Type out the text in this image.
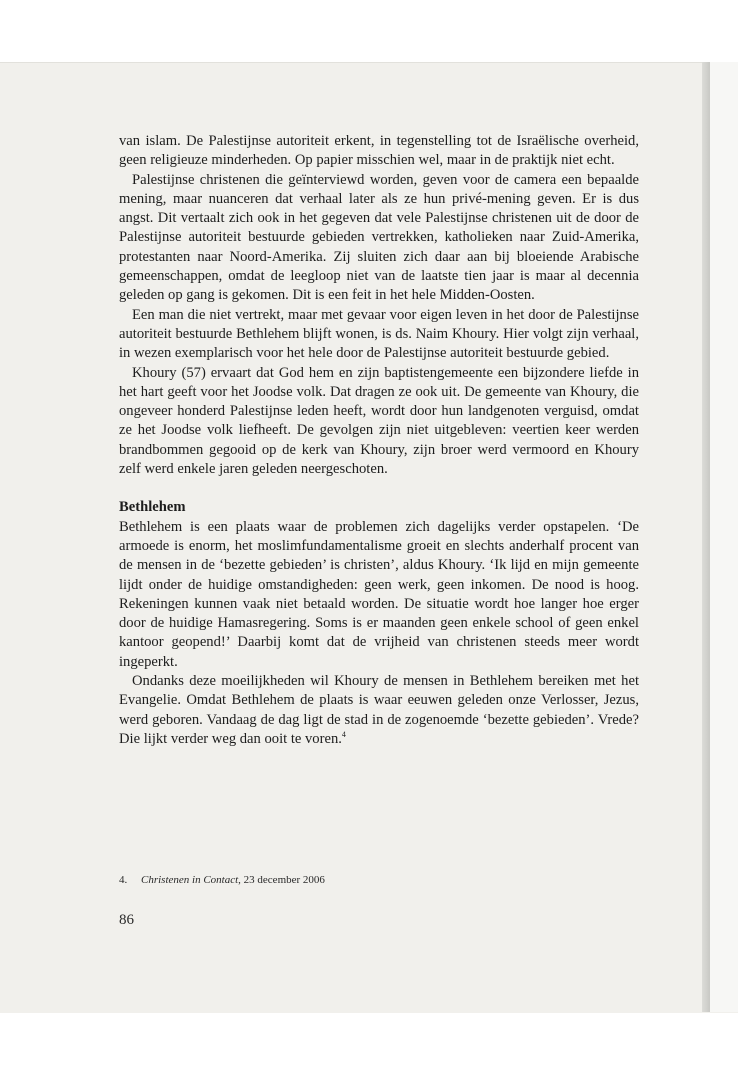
van islam. De Palestijnse autoriteit erkent, in tegenstelling tot de Israëlische overheid, geen religieuze minderheden. Op papier misschien wel, maar in de praktijk niet echt.

Palestijnse christenen die geïnterviewd worden, geven voor de camera een bepaalde mening, maar nuanceren dat verhaal later als ze hun privé-mening geven. Er is dus angst. Dit vertaalt zich ook in het gegeven dat vele Palestijnse christenen uit de door de Palestijnse autoriteit bestuurde gebieden vertrekken, katholieken naar Zuid-Amerika, protestanten naar Noord-Amerika. Zij sluiten zich daar aan bij bloeiende Arabische gemeenschappen, omdat de leegloop niet van de laatste tien jaar is maar al decennia geleden op gang is gekomen. Dit is een feit in het hele Midden-Oosten.

Een man die niet vertrekt, maar met gevaar voor eigen leven in het door de Palestijnse autoriteit bestuurde Bethlehem blijft wonen, is ds. Naim Khoury. Hier volgt zijn verhaal, in wezen exemplarisch voor het hele door de Palestijnse autoriteit bestuurde gebied.

Khoury (57) ervaart dat God hem en zijn baptistengemeente een bijzondere liefde in het hart geeft voor het Joodse volk. Dat dragen ze ook uit. De gemeente van Khoury, die ongeveer honderd Palestijnse leden heeft, wordt door hun landgenoten verguisd, omdat ze het Joodse volk liefheeft. De gevolgen zijn niet uitgebleven: veertien keer werden brandbommen gegooid op de kerk van Khoury, zijn broer werd vermoord en Khoury zelf werd enkele jaren geleden neergeschoten.

Bethlehem

Bethlehem is een plaats waar de problemen zich dagelijks verder opstapelen. ‘De armoede is enorm, het moslimfundamentalisme groeit en slechts anderhalf procent van de mensen in de ‘bezette gebieden’ is christen’, aldus Khoury. ‘Ik lijd en mijn gemeente lijdt onder de huidige omstandigheden: geen werk, geen inkomen. De nood is hoog. Rekeningen kunnen vaak niet betaald worden. De situatie wordt hoe langer hoe erger door de huidige Hamasregering. Soms is er maanden geen enkele school of geen enkel kantoor geopend!’ Daarbij komt dat de vrijheid van christenen steeds meer wordt ingeperkt.

Ondanks deze moeilijkheden wil Khoury de mensen in Bethlehem bereiken met het Evangelie. Omdat Bethlehem de plaats is waar eeuwen geleden onze Verlosser, Jezus, werd geboren. Vandaag de dag ligt de stad in de zogenoemde ‘bezette gebieden’. Vrede? Die lijkt verder weg dan ooit te voren.$^4$

4. Christenen in Contact, 23 december 2006
86
